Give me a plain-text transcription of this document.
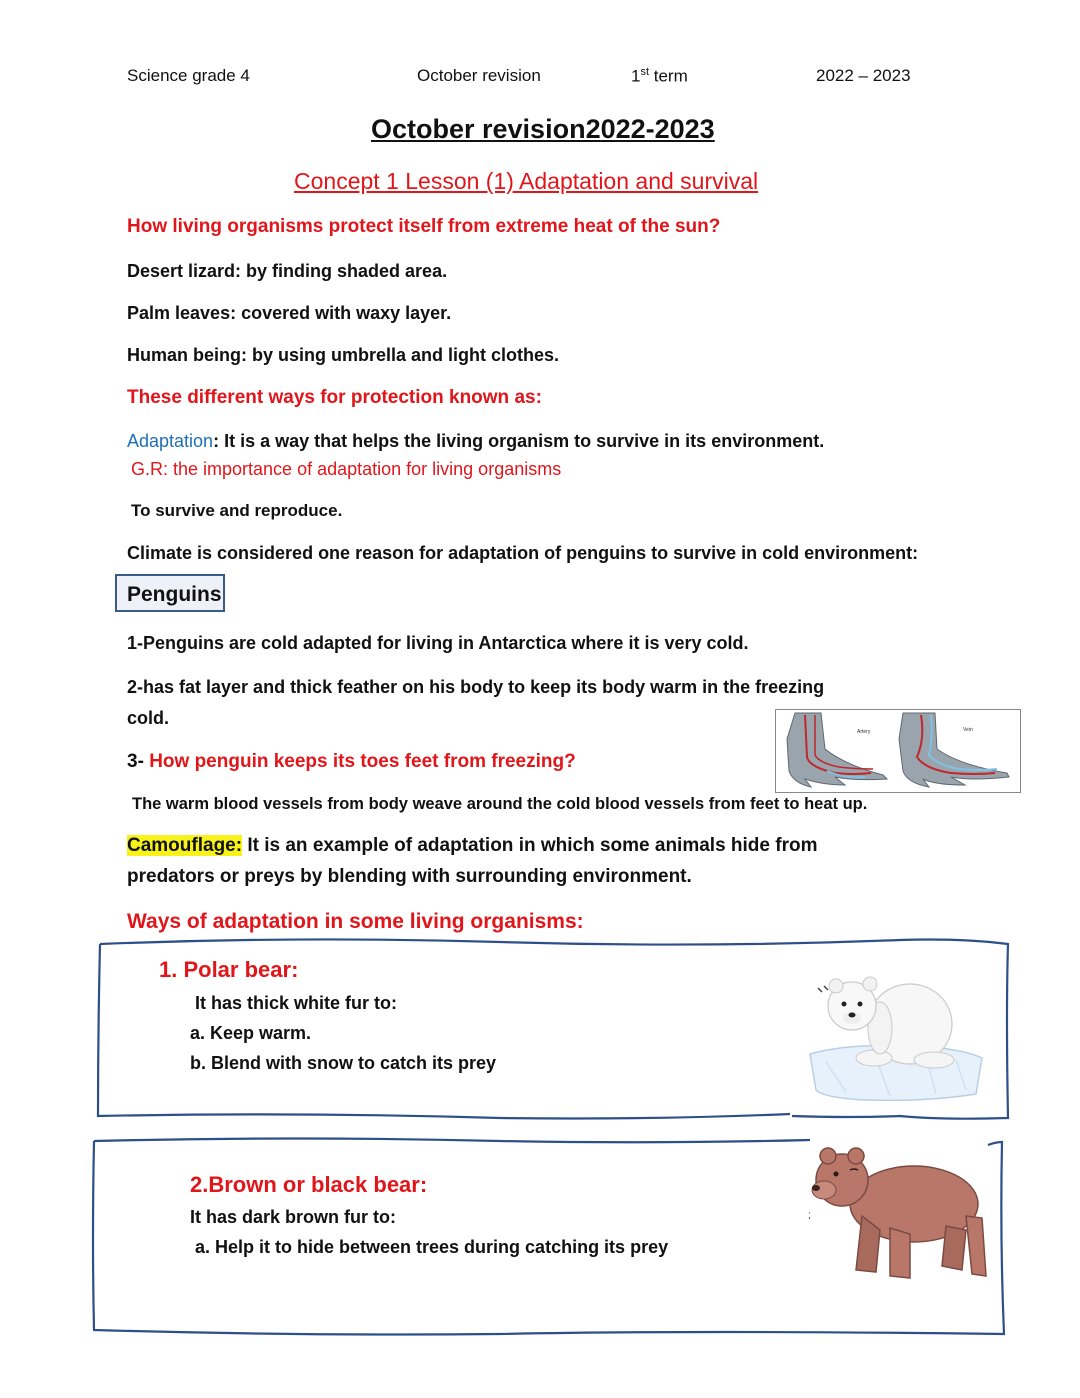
Science grade 4	October revision	1st term	2022 – 2023
October revision2022-2023
Concept 1 Lesson (1) Adaptation and survival
How living organisms protect itself from extreme heat of the sun?
Desert lizard: by finding shaded area.
Palm leaves: covered with waxy layer.
Human being: by using umbrella and light clothes.
These different ways for protection known as:
Adaptation: It is a way that helps the living organism to survive in its environment.
G.R: the importance of adaptation for living organisms
To survive and reproduce.
Climate is considered one reason for adaptation of penguins to survive in cold environment:
Penguins
1-Penguins are cold adapted for living in Antarctica where it is very cold.
2-has fat layer and thick feather on his body to keep its body warm in the freezing
cold.
Artery	Vein
3- How penguin keeps its toes feet from freezing?
The warm blood vessels from body weave around the cold blood vessels from feet to heat up.
Camouflage: It is an example of adaptation in which some animals hide from
predators or preys by blending with surrounding environment.
Ways of adaptation in some living organisms:
1. Polar bear:
It has thick white fur to:
a. Keep warm.
b. Blend with snow to catch its prey
2.Brown or black bear:
It has dark brown fur to:
a. Help it to hide between trees during catching its prey
;
